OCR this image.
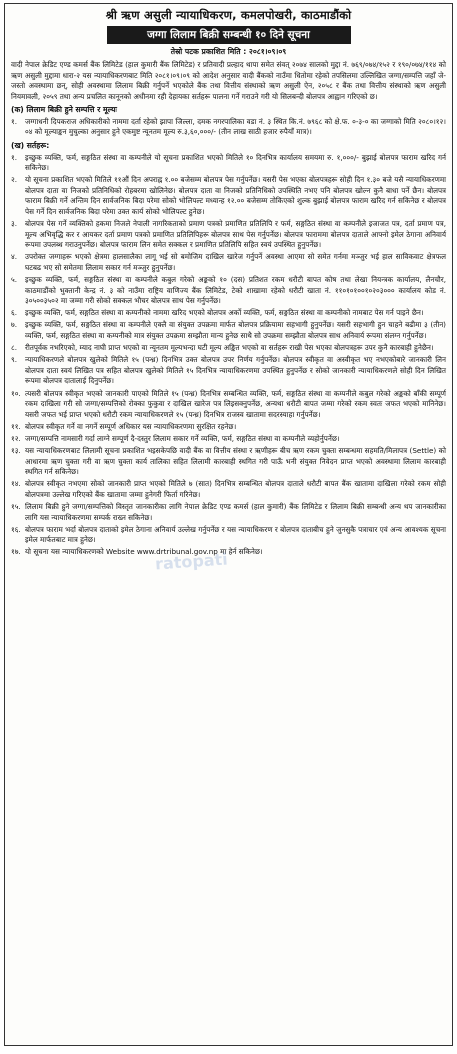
श्री ऋण असुली न्यायाधिकरण, कमलपोखरी, काठमाडौंको
जग्गा लिलाम बिक्री सम्बन्धी १० दिने सूचना
तेस्रो पटक प्रकाशित मिति : २०८१।०९।०९
वादी नेपाल क्रेडिट एण्ड कमर्स बैंक लिमिटेड (हाल कुमारी बैंक लिमिटेड) र प्रतिवादी प्रल्हाद थापा समेत संवत् २०७४ सालको मुद्दा नं. ७६९/०७४/१५२ र १९०/०७४/११४ को ऋण असुली मुद्दामा धारा-२ यस न्यायाधिकरणबाट मिति २०८१।०९।०९ को आदेश अनुसार वादी बैंकको नाउँमा धितोमा रहेको तपसिलमा उल्लिखित जग्गा/सम्पत्ति जहाँ जे-जस्तो अवस्थामा छन्, सोही अवस्थामा लिलाम बिक्री गर्नुपर्ने भएकोले बैंक तथा वित्तीय संस्थाको ऋण असुली ऐन, २०५८ र बैंक तथा वित्तीय संस्थाको ऋण असुली नियमावली, २०५९ तथा अन्य प्रचलित कानूनको अधीनमा रही देहायका सर्तहरू पालना गर्ने गराउने गरी यो सिलबन्दी बोलपत्र आह्वान गरिएको छ।
(क) लिलाम बिक्री हुने सम्पत्ति र मूल्यः
१.	जग्गाधनी दिपकराज अधिकारीको नाममा दर्ता रहेको झापा जिल्ला, दमक नगरपालिका वडा नं. ३ स्थित कि.नं. ७९६८ को क्षे.फ. ०-३-० का जग्गाको मिति २०८०।१२।०४ को मूल्याङ्कन मुचुल्का अनुसार हुने एकमुष्ट न्यूनतम मूल्य रु.३,६०,०००/- (तीन लाख साठी हजार रुपैयाँ मात्र)।
(ख) सर्तहरू:
१.	इच्छुक व्यक्ति, फर्म, सङ्गठित संस्था वा कम्पनीले यो सूचना प्रकाशित भएको मितिले १० दिनभित्र कार्यालय समयमा रु. १,०००/- बुझाई बोलपत्र फाराम खरिद गर्न सकिनेछ।
२.	यो सूचना प्रकाशित भएको मितिले ११औं दिन अपराह्न १.०० बजेसम्म बोलपत्र पेस गर्नुपर्नेछ। यसरी पेस भएका बोलपत्रहरू सोही दिन १.३० बजे यसै न्यायाधिकरणमा बोलपत्र दाता वा निजको प्रतिनिधिको रोहबरमा खोलिनेछ। बोलपत्र दाता वा निजको प्रतिनिधिको उपस्थिति नभए पनि बोलपत्र खोल्न कुनै बाधा पर्ने छैन। बोलपत्र फाराम बिक्री गर्ने अन्तिम दिन सार्वजनिक बिदा परेमा सोको भोलिपल्ट मध्यान्ह १२.०० बजेसम्म तोकिएको शुल्क बुझाई बोलपत्र फाराम खरिद गर्न सकिनेछ र बोलपत्र पेस गर्ने दिन सार्वजनिक बिदा परेमा उक्त कार्य सोको भोलिपल्ट हुनेछ।
३.	बोलपत्र पेस गर्ने व्यक्तिको हकमा निजले नेपाली नागरिकताको प्रमाण पत्रको प्रमाणित प्रतिलिपि र फर्म, सङ्गठित संस्था वा कम्पनीले इजाजत पत्र, दर्ता प्रमाण पत्र, मूल्य अभिवृद्धि कर र आयकर दर्ता प्रमाण पत्रको प्रमाणित प्रतिलिपिहरू बोलपत्र साथ पेस गर्नुपर्नेछ। बोलपत्र फाराममा बोलपत्र दाताले आफ्नो इमेल ठेगाना अनिवार्य रूपमा उपलब्ध गराउनुपर्नेछ। बोलपत्र फाराम लिन समेत सक्कल र प्रमाणित प्रतिलिपि सहित स्वयं उपस्थित हुनुपर्नेछ।
४.	उपरोक्त जग्गाहरू भएको क्षेत्रमा हालसालैका लागू भई सो बमोजिम दाखिल खारेज गर्नुपर्ने अवस्था आएमा सो समेत गर्नमा मञ्जुर भई हाल साविकवाट क्षेत्रफल घटबढ भए सो समेतमा लिलाम सकार गर्न मञ्जुर हुनुपर्नेछ।
५.	इच्छुक व्यक्ति, फर्म, सङ्गठित संस्था वा कम्पनीले कबुल गरेको अङ्कको १० (दस) प्रतिशत रकम धरौटी बापत कोष तथा लेखा नियन्त्रक कार्यालय, लैनचौर, काठमाडौंको भुक्तानी केन्द्र नं. ३ को नाउँमा राष्ट्रिय वाणिज्य बैंक लिमिटेड, टेको शाखामा रहेको धरौटी खाता नं. ११०१०१००१०२०३००० कार्यालय कोड नं. ३०५००३५०२ मा जम्मा गरी सोको सक्कल भौचर बोलपत्र साथ पेस गर्नुपर्नेछ।
६.	इच्छुक व्यक्ति, फर्म, सङ्गठित संस्था वा कम्पनीको नाममा खरिद भएको बोलपत्र अर्को व्यक्ति, फर्म, सङ्गठित संस्था वा कम्पनीको नामबाट पेस गर्न पाइने छैन।
७.	इच्छुक व्यक्ति, फर्म, सङ्गठित संस्था वा कम्पनीले एक्लै वा संयुक्त उपक्रमा मार्फत बोलपत्र प्रक्रियामा सहभागी हुनुपर्नेछ। यसरी सहभागी हुन चाहने बढीमा ३ (तीन) व्यक्ति, फर्म, सङ्गठित संस्था वा कम्पनीको मात्र संयुक्त उपक्रमा सम्झौता मान्य हुनेछ साथै सो उपक्रमा सम्झौता बोलपत्र साथ अनिवार्य रूपमा संलग्न गर्नुपर्नेछ।
८.	रीतपूर्वक नभरिएको, म्याद नाघी प्राप्त भएको वा न्यूनतम मूल्यभन्दा घटी मूल्य अङ्कित भएको वा सर्तहरू राखी पेस भएका बोलपत्रहरू उपर कुनै कारबाही हुनेछैन।
९.	न्यायाधिकरणले बोलपत्र खुलेको मितिले १५ (पन्ध्र) दिनभित्र उक्त बोलपत्र उपर निर्णय गर्नुपर्नेछ। बोलपत्र स्वीकृत वा अस्वीकृत भए नभएकोबारे जानकारी लिन बोलपत्र दाता स्वयं लिखित पत्र सहित बोलपत्र खुलेको मितिले १५ दिनभित्र न्यायाधिकरणमा उपस्थित हुनुपर्नेछ र सोको जानकारी न्यायाधिकरणले सोही दिन लिखित रूपमा बोलपत्र दातालाई दिनुपर्नेछ।
१०. त्यसरी बोलपत्र स्वीकृत भएको जानकारी पाएको मितिले १५ (पन्ध्र) दिनभित्र सम्बन्धित व्यक्ति, फर्म, सङ्गठित संस्था वा कम्पनीले कबुल गरेको अङ्कको बाँकी सम्पूर्ण रकम दाखिला गरी सो जग्गा/सम्पत्तिको रोक्का फुकुवा र दाखिल खारेज पत्र लिइसक्नुपर्नेछ, अन्यथा धरौटी बापत जम्मा गरेको रकम स्वतः जफत भएको मानिनेछ। यसरी जफत भई प्राप्त भएको धरौटी रकम न्यायाधिकरणले १५ (पन्ध्र) दिनभित्र राजस्व खातामा सदरस्याहा गर्नुपर्नेछ।
११. बोलपत्र स्वीकृत गर्ने वा नगर्ने सम्पूर्ण अधिकार यस न्यायाधिकरणमा सुरक्षित रहनेछ।
१२. जग्गा/सम्पत्ति नामसारी गर्दा लाग्ने सम्पूर्ण दै-दस्तुर लिलाम सकार गर्ने व्यक्ति, फर्म, सङ्गठित संस्था वा कम्पनीले व्यहोर्नुपर्नेछ।
१३. यस न्यायाधिकरणबाट लिलामी सूचना प्रकाशित भइसकेपछि वादी बैंक वा वित्तीय संस्था र ऋणीहरू बीच ऋण रकम चुक्ता सम्बन्धमा सहमति/मिलापत्र (Settle) को आधारमा ऋण चुक्ता गरी वा ऋण चुक्ता कार्य तालिका सहित लिलामी कारबाही स्थगित गरी पाऊँ भनी संयुक्त निवेदन प्राप्त भएको अवस्थामा लिलाम कारबाही स्थगित गर्न सकिनेछ।
१४. बोलपत्र स्वीकृत नभएमा सोको जानकारी प्राप्त भएको मितिले ७ (सात) दिनभित्र सम्बन्धित बोलपत्र दाताले धरौटी बापत बैंक खातामा दाखिला गरेको रकम सोही बोलपत्रमा उल्लेख गरिएको बैंक खातामा जम्मा हुनेगरी फिर्ता गरिनेछ।
१५. लिलाम बिक्री हुने जग्गा/सम्पत्तिको विस्तृत जानकारीका लागि नेपाल क्रेडिट एण्ड कमर्स (हाल कुमारी) बैंक लिमिटेड र लिलाम बिक्री सम्बन्धी अन्य थप जानकारीका लागि यस न्यायाधिकरणमा सम्पर्क राख्न सकिनेछ।
१६. बोलपत्र फाराम भर्दा बोलपत्र दाताको इमेल ठेगाना अनिवार्य उल्लेख गर्नुपर्नेछ र यस न्यायाधिकरण र बोलपत्र दाताबीच हुने जुनसुकै पत्राचार एवं अन्य आवश्यक सूचना इमेल मार्फतबाट मात्र हुनेछ।
१७. यो सूचना यस न्यायाधिकरणको Website www.drtribunal.gov.np मा हेर्न सकिनेछ।
ratopati
